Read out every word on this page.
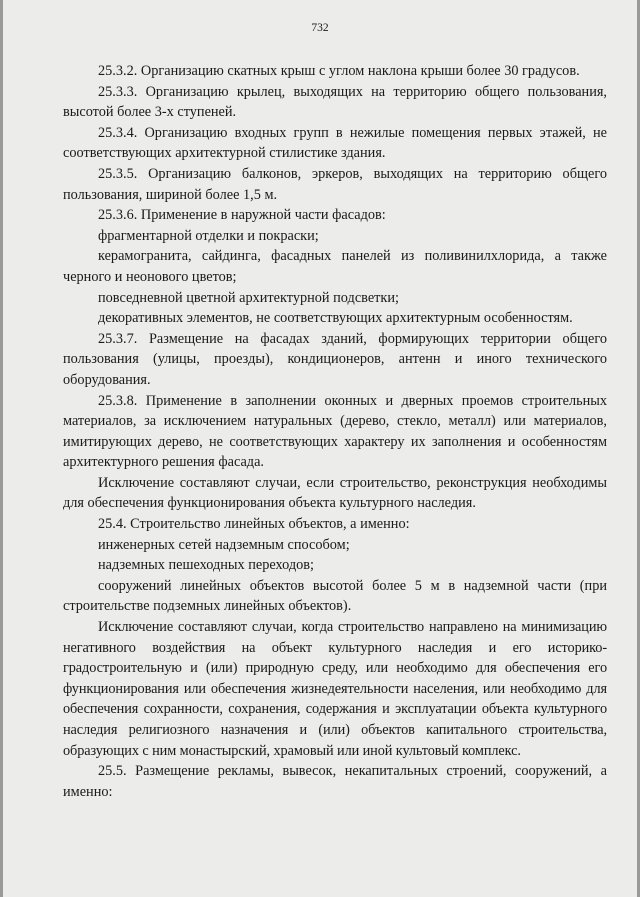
732

25.3.2. Организацию скатных крыш с углом наклона крыши более 30 градусов.

25.3.3. Организацию крылец, выходящих на территорию общего пользования, высотой более 3-х ступеней.

25.3.4. Организацию входных групп в нежилые помещения первых этажей, не соответствующих архитектурной стилистике здания.

25.3.5. Организацию балконов, эркеров, выходящих на территорию общего пользования, шириной более 1,5 м.

25.3.6. Применение в наружной части фасадов:

фрагментарной отделки и покраски;

керамогранита, сайдинга, фасадных панелей из поливинилхлорида, а также черного и неонового цветов;

повседневной цветной архитектурной подсветки;

декоративных элементов, не соответствующих архитектурным особенностям.

25.3.7. Размещение на фасадах зданий, формирующих территории общего пользования (улицы, проезды), кондиционеров, антенн и иного технического оборудования.

25.3.8. Применение в заполнении оконных и дверных проемов строительных материалов, за исключением натуральных (дерево, стекло, металл) или материалов, имитирующих дерево, не соответствующих характеру их заполнения и особенностям архитектурного решения фасада.

Исключение составляют случаи, если строительство, реконструкция необходимы для обеспечения функционирования объекта культурного наследия.

25.4. Строительство линейных объектов, а именно:

инженерных сетей надземным способом;

надземных пешеходных переходов;

сооружений линейных объектов высотой более 5 м в надземной части (при строительстве подземных линейных объектов).

Исключение составляют случаи, когда строительство направлено на минимизацию негативного воздействия на объект культурного наследия и его историко-градостроительную и (или) природную среду, или необходимо для обеспечения его функционирования или обеспечения жизнедеятельности населения, или необходимо для обеспечения сохранности, сохранения, содержания и эксплуатации объекта культурного наследия религиозного назначения и (или) объектов капитального строительства, образующих с ним монастырский, храмовый или иной культовый комплекс.

25.5. Размещение рекламы, вывесок, некапитальных строений, сооружений, а именно:
